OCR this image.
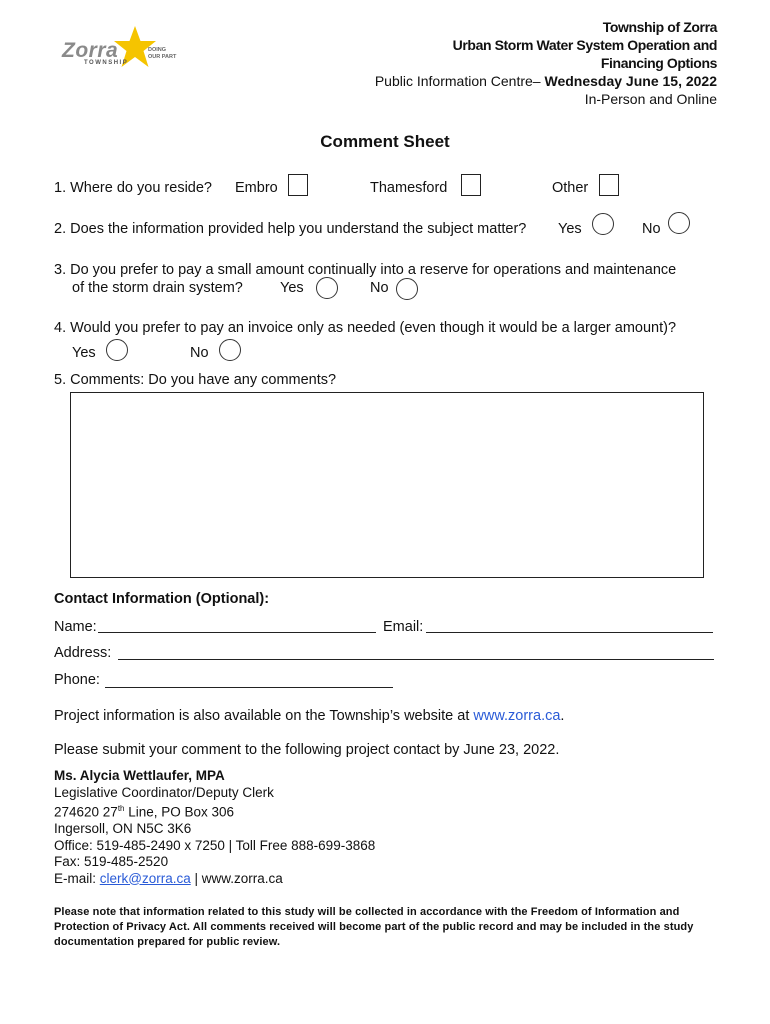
Zorra
TOWNSHIP
DOING
OUR PART
Township of Zorra
Urban Storm Water System Operation and
Financing Options
Public Information Centre– Wednesday June 15, 2022
In-Person and Online
Comment Sheet
1. Where do you reside? Embro	Thamesford	Other
2. Does the information provided help you understand the subject matter? Yes	No
3. Do you prefer to pay a small amount continually into a reserve for operations and maintenance
of the storm drain system?	Yes	No
4. Would you prefer to pay an invoice only as needed (even though it would be a larger amount)?
Yes	No
5. Comments: Do you have any comments?
Contact Information (Optional):
Name:	Email:
Address:
Phone:
Project information is also available on the Township’s website at www.zorra.ca.
Please submit your comment to the following project contact by June 23, 2022.
Ms. Alycia Wettlaufer, MPA
Legislative Coordinator/Deputy Clerk
274620 27th Line, PO Box 306
Ingersoll, ON N5C 3K6
Office: 519-485-2490 x 7250 | Toll Free 888-699-3868
Fax: 519-485-2520
E-mail: clerk@zorra.ca | www.zorra.ca
Please note that information related to this study will be collected in accordance with the Freedom of Information and Protection of Privacy Act. All comments received will become part of the public record and may be included in the study documentation prepared for public review.
